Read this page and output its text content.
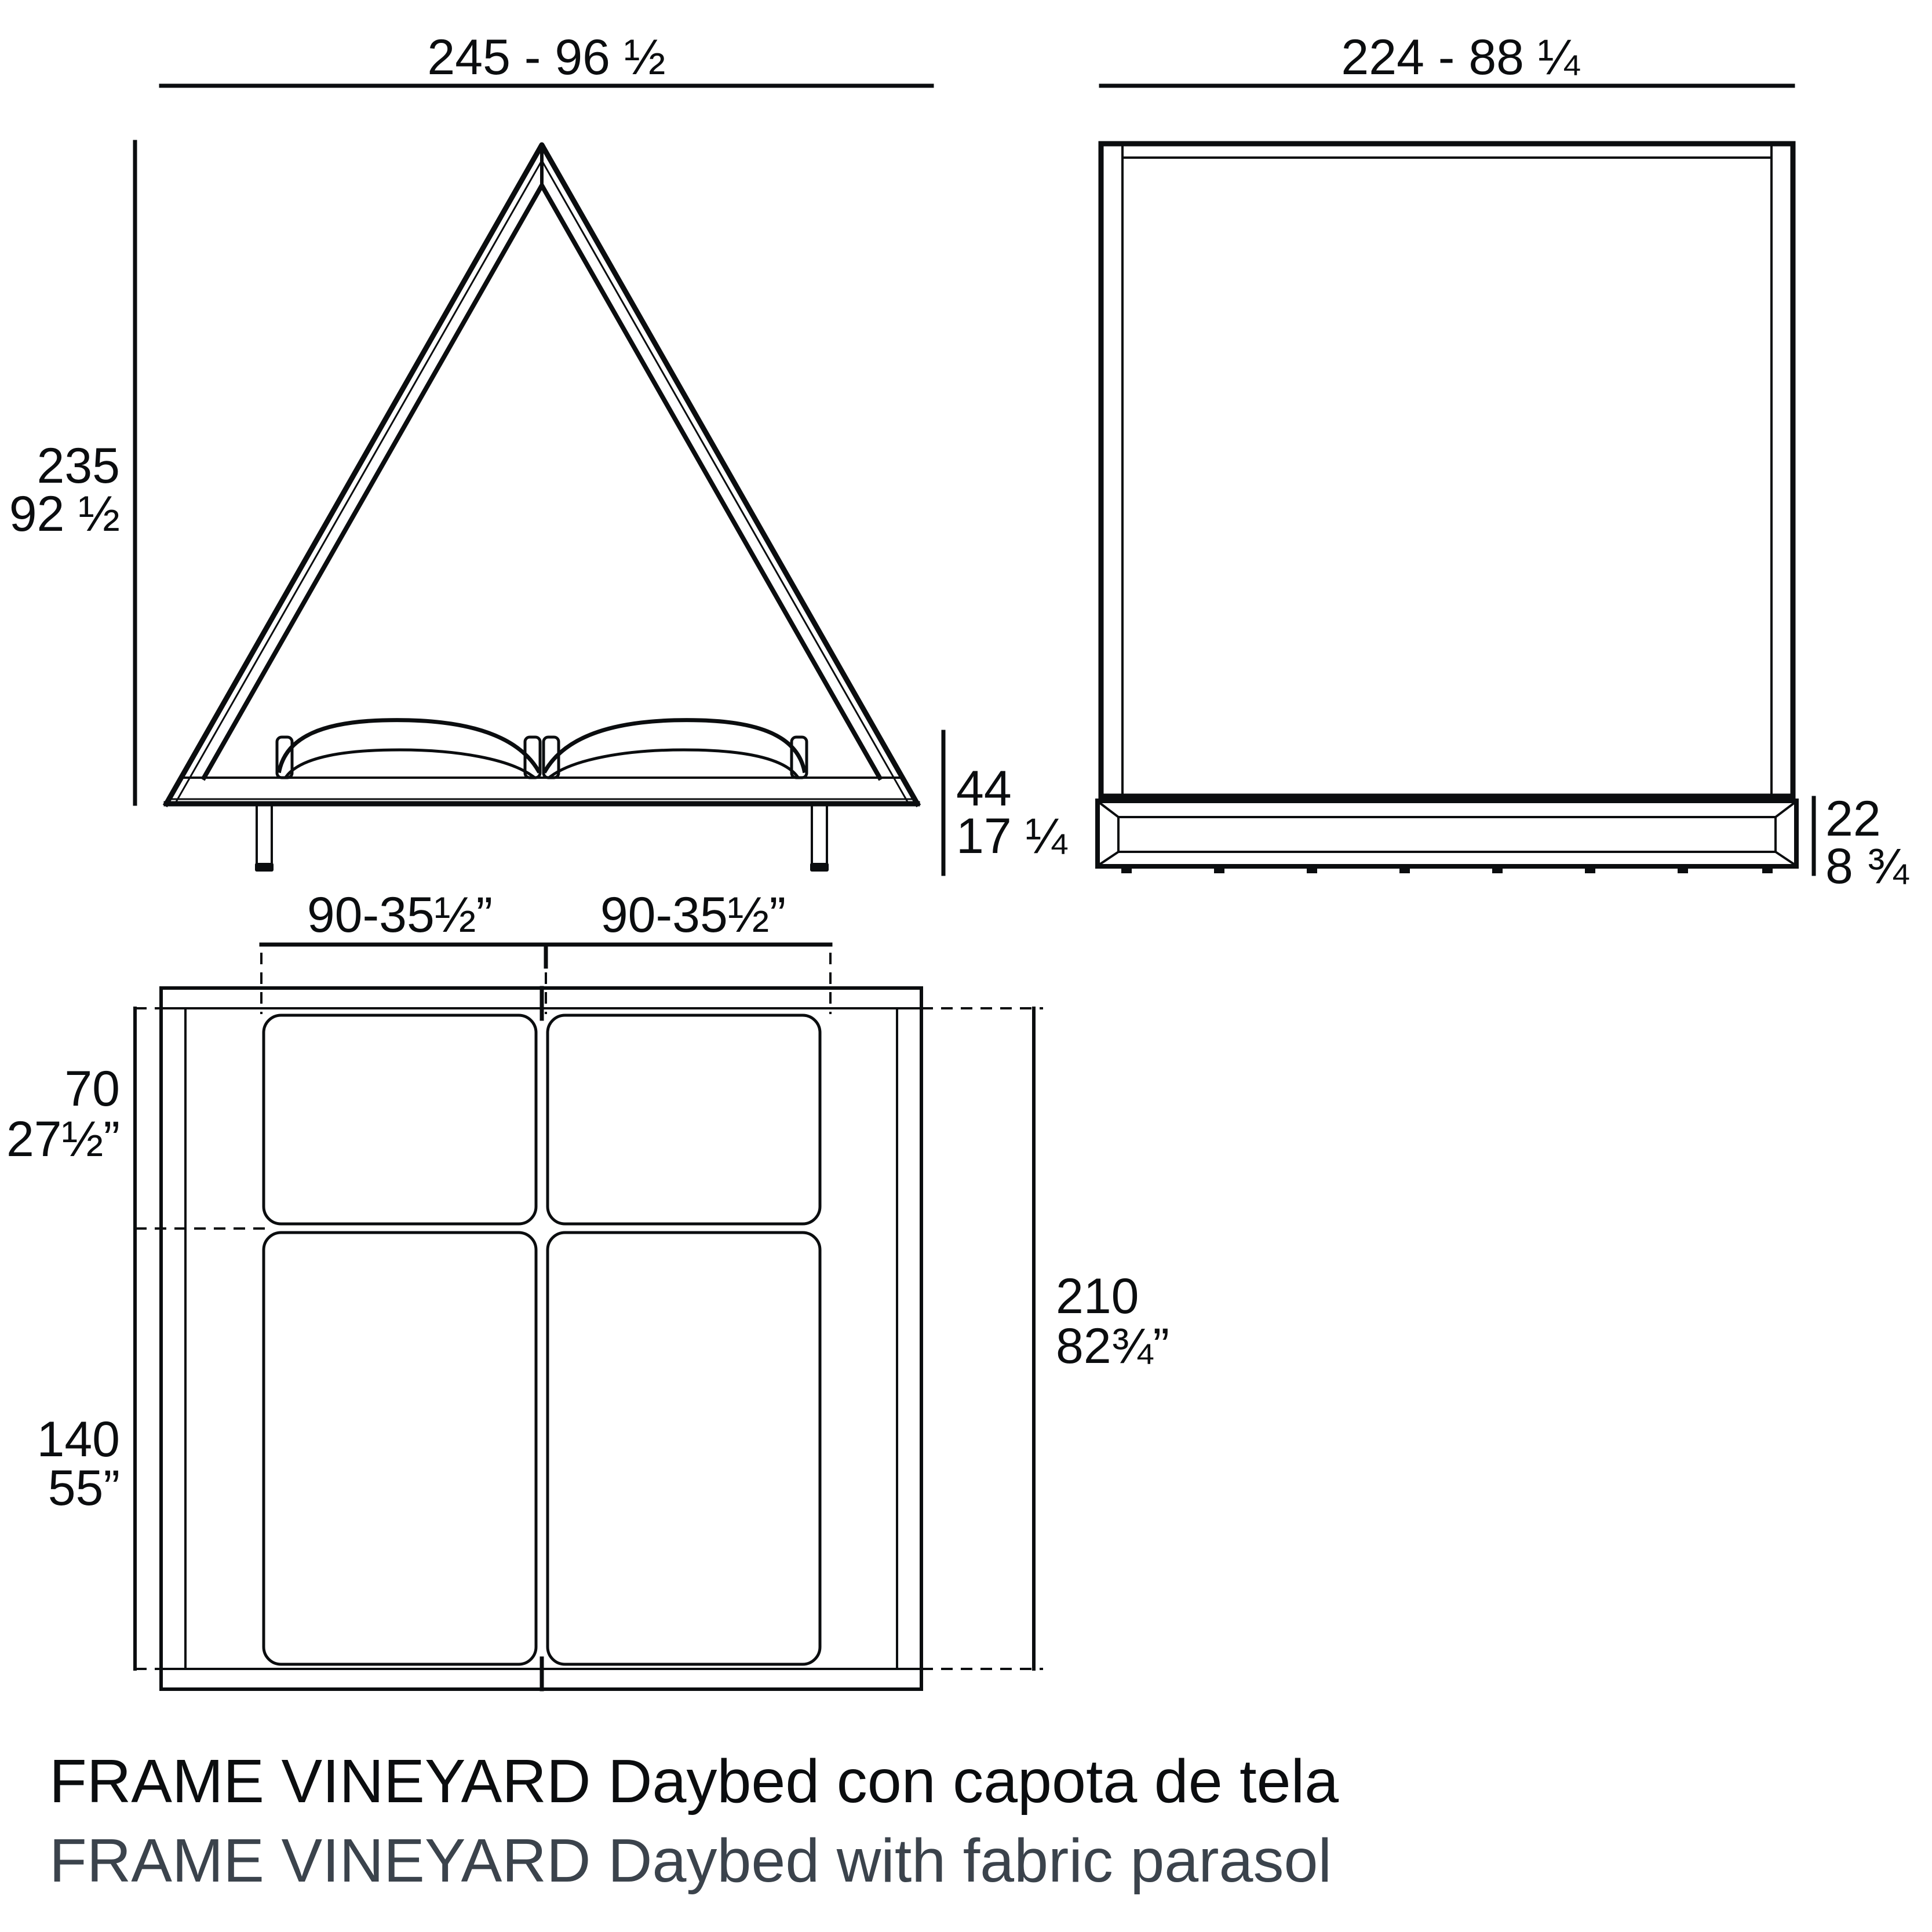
245 - 96 ½
235
92 ½
44
17 ¼
224 - 88 ¼
22
8 ¾
90-35½” 90-35½”
70
27½”
140
55”
210
82¾”
FRAME VINEYARD Daybed con capota de tela
FRAME VINEYARD Daybed with fabric parasol
